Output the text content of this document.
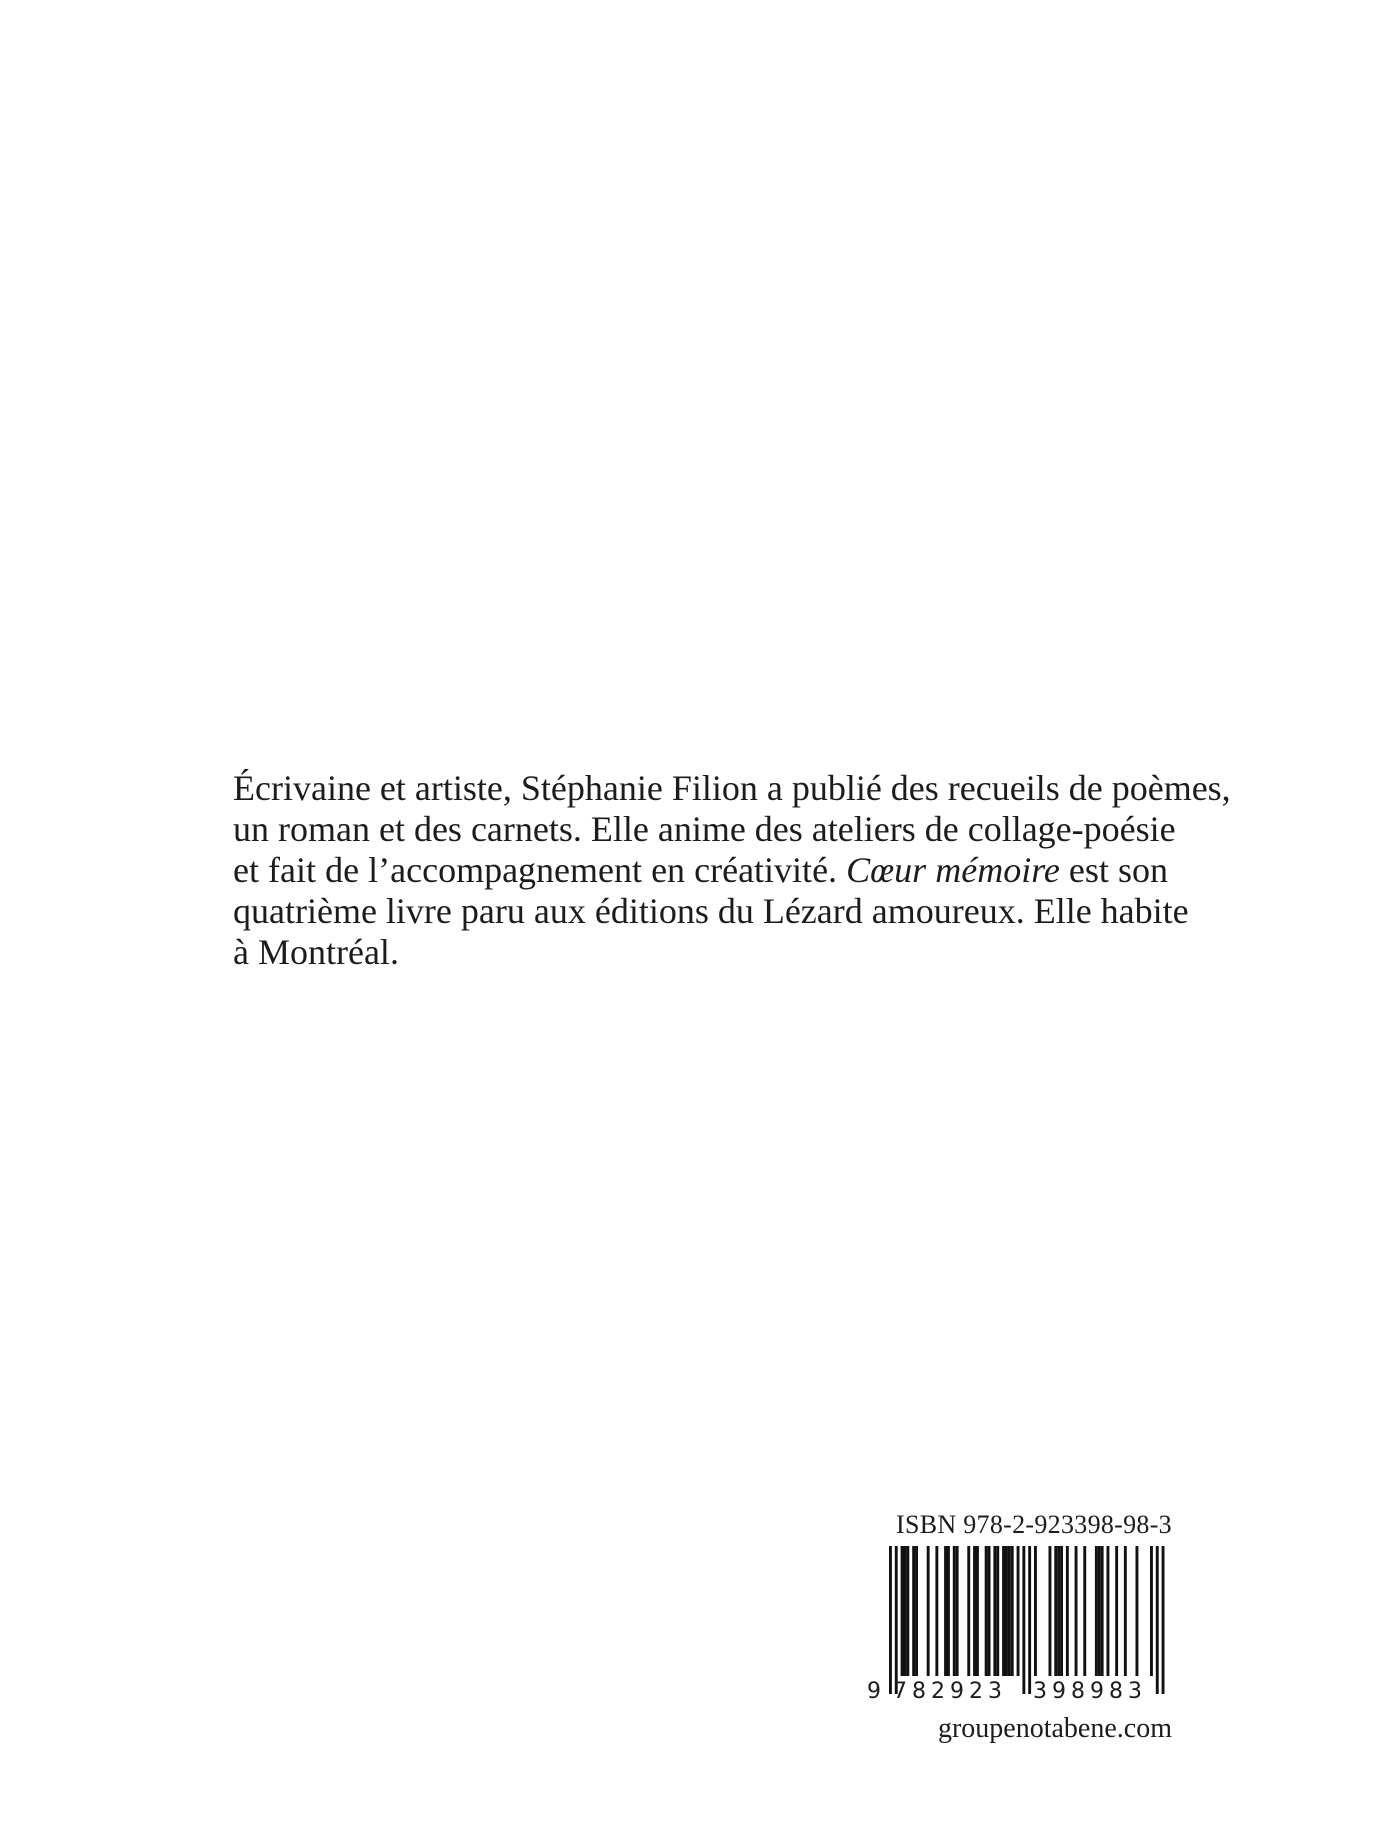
Écrivaine et artiste, Stéphanie Filion a publié des recueils de poèmes,
un roman et des carnets. Elle anime des ateliers de collage-poésie
et fait de l’accompagnement en créativité. Cœur mémoire est son
quatrième livre paru aux éditions du Lézard amoureux. Elle habite
à Montréal.
ISBN 978-2-923398-98-3
9 782923 398983
groupenotabene.com
